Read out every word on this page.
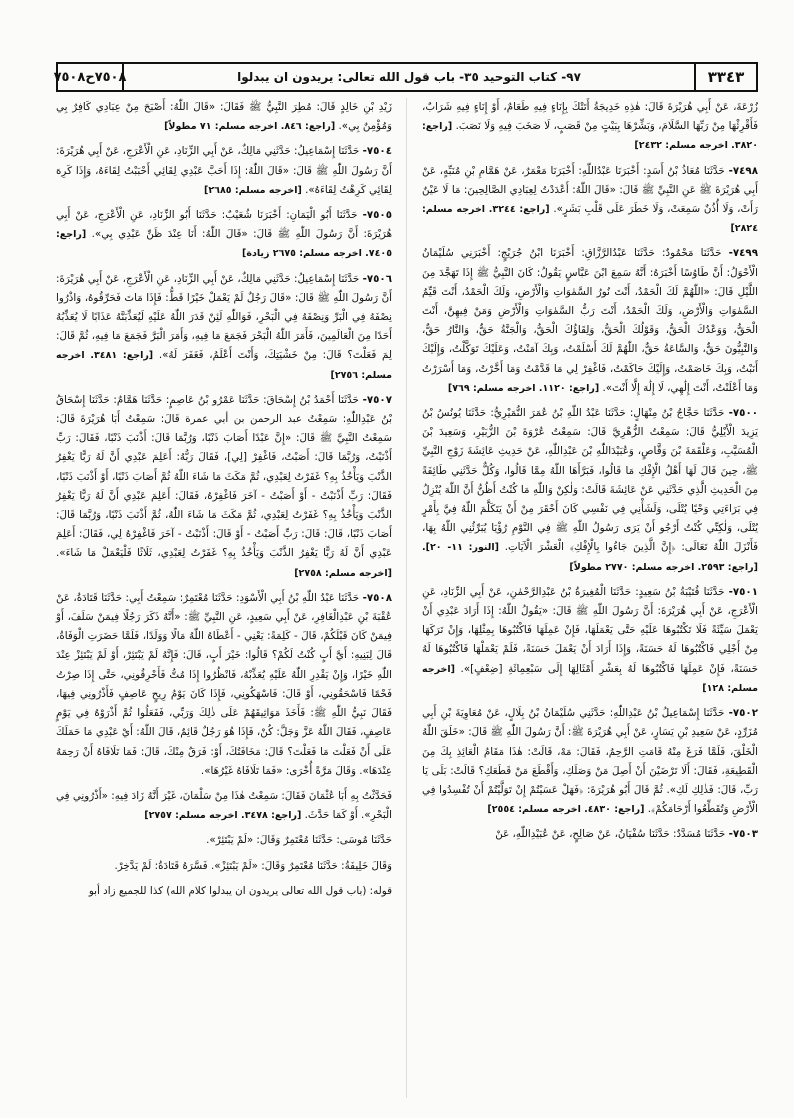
٣٣٤٣
٩٧- كتاب التوحيد ٣٥- باب قول الله تعالى: يريدون ان يبدلوا
٧٥٠٨ح٧٥٠٨

زُرْعَةَ، عَنْ أَبِي هُرَيْرَةَ قَالَ: هٰذِهِ خَدِيجَةُ أَتَتْكَ بِإِنَاءٍ فِيهِ طَعَامٌ، أَوْ إِنَاءٍ فِيهِ شَرَابٌ، فَأَقْرِئْهَا مِنْ رَبِّهَا السَّلَامَ، وَبَشِّرْهَا بِبَيْتٍ مِنْ قَصَبٍ، لَا صَخَبَ فِيهِ وَلَا نَصَبَ. [راجع: ٣٨٢٠. اخرجه مسلم: ٢٤٣٢]

٧٤٩٨- حَدَّثَنَا مُعَاذُ بْنُ أَسَدٍ: أَخْبَرَنَا عَبْدُاللّٰهِ: أَخْبَرَنَا مَعْمَرٌ، عَنْ هَمَّامِ بْنِ مُنَبِّهٍ، عَنْ أَبِي هُرَيْرَةَ ﷺ عَنِ النَّبِيِّ ﷺ قَالَ: «قَالَ اللّٰهُ: أَعْدَدْتُ لِعِبَادِي الصَّالِحِينَ: مَا لَا عَيْنٌ رَأَتْ، وَلَا أُذُنٌ سَمِعَتْ، وَلَا خَطَرَ عَلَى قَلْبِ بَشَرٍ». [راجع: ٣٢٤٤. اخرجه مسلم: ٢٨٢٤]

٧٤٩٩- حَدَّثَنَا مَحْمُودٌ: حَدَّثَنَا عَبْدُالرَّزَّاقِ: أَخْبَرَنَا ابْنُ جُرَيْجٍ: أَخْبَرَنِي سُلَيْمَانُ الْأَحْوَلُ: أَنَّ طَاوُسًا أَخْبَرَهُ: أَنَّهُ سَمِعَ ابْنَ عَبَّاسٍ يَقُولُ: كَانَ النَّبِيُّ ﷺ إِذَا تَهَجَّدَ مِنَ اللَّيْلِ قَالَ: «اللّٰهُمَّ لَكَ الْحَمْدُ، أَنْتَ نُورُ السَّمٰوَاتِ وَالْأَرْضِ، وَلَكَ الْحَمْدُ، أَنْتَ قَيِّمُ السَّمٰوَاتِ وَالْأَرْضِ، وَلَكَ الْحَمْدُ، أَنْتَ رَبُّ السَّمٰوَاتِ وَالْأَرْضِ وَمَنْ فِيهِنَّ، أَنْتَ الْحَقُّ، وَوَعْدُكَ الْحَقُّ، وَقَوْلُكَ الْحَقُّ، وَلِقَاؤُكَ الْحَقُّ، وَالْجَنَّةُ حَقٌّ، وَالنَّارُ حَقٌّ، وَالنَّبِيُّونَ حَقٌّ، وَالسَّاعَةُ حَقٌّ، اللّٰهُمَّ لَكَ أَسْلَمْتُ، وَبِكَ آمَنْتُ، وَعَلَيْكَ تَوَكَّلْتُ، وَإِلَيْكَ أَنَبْتُ، وَبِكَ خَاصَمْتُ، وَإِلَيْكَ حَاكَمْتُ، فَاغْفِرْ لِي مَا قَدَّمْتُ وَمَا أَخَّرْتُ، وَمَا أَسْرَرْتُ وَمَا أَعْلَنْتُ، أَنْتَ إِلَٰهِي، لَا إِلَٰهَ إِلَّا أَنْتَ». [راجع: ١١٢٠. اخرجه مسلم: ٧٦٩]

٧٥٠٠- حَدَّثَنَا حَجَّاجُ بْنُ مِنْهَالٍ: حَدَّثَنَا عَبْدُ اللّٰهِ بْنُ عُمَرَ النُّمَيْرِيُّ: حَدَّثَنَا يُونُسُ بْنُ يَزِيدَ الْأَيْلِيُّ قَالَ: سَمِعْتُ الزُّهْرِيَّ قَالَ: سَمِعْتُ عُرْوَةَ بْنَ الزُّبَيْرِ، وَسَعِيدَ بْنَ الْمُسَيَّبِ، وَعَلْقَمَةَ بْنَ وَقَّاصٍ، وَعُبَيْدَاللّٰهِ بْنَ عَبْدِاللّٰهِ، عَنْ حَدِيثِ عَائِشَةَ زَوْجِ النَّبِيِّ ﷺ، حِينَ قَالَ لَهَا أَهْلُ الْإِفْكِ مَا قَالُوا، فَبَرَّأَهَا اللّٰهُ مِمَّا قَالُوا، وَكُلٌّ حَدَّثَنِي طَائِفَةً مِنَ الْحَدِيثِ الَّذِي حَدَّثَنِي عَنْ عَائِشَةَ قَالَتْ: وَلٰكِنْ وَاللّٰهِ مَا كُنْتُ أَظُنُّ أَنَّ اللّٰهَ يُنْزِلُ فِي بَرَاءَتِي وَحْيًا يُتْلَى، وَلَشَأْنِي فِي نَفْسِي كَانَ أَحْقَرَ مِنْ أَنْ يَتَكَلَّمَ اللّٰهُ فِيَّ بِأَمْرٍ يُتْلَى، وَلٰكِنِّي كُنْتُ أَرْجُو أَنْ يَرَى رَسُولُ اللّٰهِ ﷺ فِي النَّوْمِ رُؤْيَا يُبَرِّئُنِي اللّٰهُ بِهَا، فَأَنْزَلَ اللّٰهُ تَعَالَى: ﴿إِنَّ الَّذِينَ جَاءُوا بِالْإِفْكِ﴾ الْعَشْرَ الْآيَاتِ. [النور: ١١- ٢٠]. [راجع: ٢٥٩٣. اخرجه مسلم: ٢٧٧٠ مطولاً]

٧٥٠١- حَدَّثَنَا قُتَيْبَةُ بْنُ سَعِيدٍ: حَدَّثَنَا الْمُغِيرَةُ بْنُ عَبْدِالرَّحْمٰنِ، عَنْ أَبِي الزِّنَادِ، عَنِ الْأَعْرَجِ، عَنْ أَبِي هُرَيْرَةَ: أَنَّ رَسُولَ اللّٰهِ ﷺ قَالَ: «يَقُولُ اللّٰهُ: إِذَا أَرَادَ عَبْدِي أَنْ يَعْمَلَ سَيِّئَةً فَلَا تَكْتُبُوهَا عَلَيْهِ حَتَّى يَعْمَلَهَا، فَإِنْ عَمِلَهَا فَاكْتُبُوهَا بِمِثْلِهَا، وَإِنْ تَرَكَهَا مِنْ أَجْلِي فَاكْتُبُوهَا لَهُ حَسَنَةً، وَإِذَا أَرَادَ أَنْ يَعْمَلَ حَسَنَةً، فَلَمْ يَعْمَلْهَا فَاكْتُبُوهَا لَهُ حَسَنَةً، فَإِنْ عَمِلَهَا فَاكْتُبُوهَا لَهُ بِعَشْرِ أَمْثَالِهَا إِلَى سَبْعِمِائَةِ [ضِعْفٍ]». [اخرجه مسلم: ١٢٨]

٧٥٠٢- حَدَّثَنَا إِسْمَاعِيلُ بْنُ عَبْدِاللّٰهِ: حَدَّثَنِي سُلَيْمَانُ بْنُ بِلَالٍ، عَنْ مُعَاوِيَةَ بْنِ أَبِي مُزَرِّدٍ، عَنْ سَعِيدِ بْنِ يَسَارٍ، عَنْ أَبِي هُرَيْرَةَ ﷺ: أَنَّ رَسُولَ اللّٰهِ ﷺ قَالَ: «خَلَقَ اللّٰهُ الْخَلْقَ، فَلَمَّا فَرَغَ مِنْهُ قَامَتِ الرَّحِمُ، فَقَالَ: مَهْ، قَالَتْ: هٰذَا مَقَامُ الْعَائِذِ بِكَ مِنَ الْقَطِيعَةِ، فَقَالَ: أَلَا تَرْضَيْنَ أَنْ أَصِلَ مَنْ وَصَلَكِ، وَأَقْطَعَ مَنْ قَطَعَكِ؟ قَالَتْ: بَلَى يَا رَبِّ، قَالَ: فَذٰلِكِ لَكِ». ثُمَّ قَالَ أَبُو هُرَيْرَةَ: ﴿فَهَلْ عَسَيْتُمْ إِنْ تَوَلَّيْتُمْ أَنْ تُفْسِدُوا فِي الْأَرْضِ وَتُقَطِّعُوا أَرْحَامَكُمْ﴾. [راجع: ٤٨٣٠. اخرجه مسلم: ٢٥٥٤]

٧٥٠٣- حَدَّثَنَا مُسَدَّدٌ: حَدَّثَنَا سُفْيَانُ، عَنْ صَالِحٍ، عَنْ عُبَيْدِاللّٰهِ، عَنْ

زَيْدِ بْنِ خَالِدٍ قَالَ: مُطِرَ النَّبِيُّ ﷺ فَقَالَ: «قَالَ اللّٰهُ: أَصْبَحَ مِنْ عِبَادِي كَافِرٌ بِي وَمُؤْمِنٌ بِي». [راجع: ٨٤٦. اخرجه مسلم: ٧١ مطولاً]

٧٥٠٤- حَدَّثَنَا إِسْمَاعِيلُ: حَدَّثَنِي مَالِكٌ، عَنْ أَبِي الزِّنَادِ، عَنِ الْأَعْرَجِ، عَنْ أَبِي هُرَيْرَةَ: أَنَّ رَسُولَ اللّٰهِ ﷺ قَالَ: «قَالَ اللّٰهُ: إِذَا أَحَبَّ عَبْدِي لِقَائِي أَحْبَبْتُ لِقَاءَهُ، وَإِذَا كَرِهَ لِقَائِي كَرِهْتُ لِقَاءَهُ». [اخرجه مسلم: ٢٦٨٥]

٧٥٠٥- حَدَّثَنَا أَبُو الْيَمَانِ: أَخْبَرَنَا شُعَيْبٌ: حَدَّثَنَا أَبُو الزِّنَادِ، عَنِ الْأَعْرَجِ، عَنْ أَبِي هُرَيْرَةَ: أَنَّ رَسُولَ اللّٰهِ ﷺ قَالَ: «قَالَ اللّٰهُ: أَنَا عِنْدَ ظَنِّ عَبْدِي بِي». [راجع: ٧٤٠٥. اخرجه مسلم: ٢٦٧٥ زيادة]

٧٥٠٦- حَدَّثَنَا إِسْمَاعِيلُ: حَدَّثَنِي مَالِكٌ، عَنْ أَبِي الزِّنَادِ، عَنِ الْأَعْرَجِ، عَنْ أَبِي هُرَيْرَةَ: أَنَّ رَسُولَ اللّٰهِ ﷺ قَالَ: «قَالَ رَجُلٌ لَمْ يَعْمَلْ خَيْرًا قَطُّ: فَإِذَا مَاتَ فَحَرِّقُوهُ، وَاذْرُوا نِصْفَهُ فِي الْبَرِّ وَنِصْفَهُ فِي الْبَحْرِ، فَوَاللّٰهِ لَئِنْ قَدَرَ اللّٰهُ عَلَيْهِ لَيُعَذِّبَنَّهُ عَذَابًا لَا يُعَذِّبُهُ أَحَدًا مِنَ الْعَالَمِينَ، فَأَمَرَ اللّٰهُ الْبَحْرَ فَجَمَعَ مَا فِيهِ، وَأَمَرَ الْبَرَّ فَجَمَعَ مَا فِيهِ، ثُمَّ قَالَ: لِمَ فَعَلْتَ؟ قَالَ: مِنْ خَشْيَتِكَ، وَأَنْتَ أَعْلَمُ، فَغَفَرَ لَهُ». [راجع: ٣٤٨١. اخرجه مسلم: ٢٧٥٦]

٧٥٠٧- حَدَّثَنَا أَحْمَدُ بْنُ إِسْحَاقَ: حَدَّثَنَا عَمْرُو بْنُ عَاصِمٍ: حَدَّثَنَا هَمَّامٌ: حَدَّثَنَا إِسْحَاقُ بْنُ عَبْدِاللّٰهِ: سَمِعْتُ عبد الرحمن بن أبي عمرة قَالَ: سَمِعْتُ أَبَا هُرَيْرَةَ قَالَ: سَمِعْتُ النَّبِيَّ ﷺ قَالَ: «إِنَّ عَبْدًا أَصَابَ ذَنْبًا، وَرُبَّمَا قَالَ: أَذْنَبَ ذَنْبًا، فَقَالَ: رَبِّ أَذْنَبْتُ، وَرُبَّمَا قَالَ: أَصَبْتُ، فَاغْفِرْ [لِي]، فَقَالَ رَبُّهُ: أَعَلِمَ عَبْدِي أَنَّ لَهُ رَبًّا يَغْفِرُ الذَّنْبَ وَيَأْخُذُ بِهِ؟ غَفَرْتُ لِعَبْدِي، ثُمَّ مَكَثَ مَا شَاءَ اللّٰهُ ثُمَّ أَصَابَ ذَنْبًا، أَوْ أَذْنَبَ ذَنْبًا، فَقَالَ: رَبِّ أَذْنَبْتُ - أَوْ أَصَبْتُ - آخَرَ فَاغْفِرْهُ، فَقَالَ: أَعَلِمَ عَبْدِي أَنَّ لَهُ رَبًّا يَغْفِرُ الذَّنْبَ وَيَأْخُذُ بِهِ؟ غَفَرْتُ لِعَبْدِي، ثُمَّ مَكَثَ مَا شَاءَ اللّٰهُ، ثُمَّ أَذْنَبَ ذَنْبًا، وَرُبَّمَا قَالَ: أَصَابَ ذَنْبًا، قَالَ: قَالَ: رَبِّ أَصَبْتُ - أَوْ قَالَ: أَذْنَبْتُ - آخَرَ فَاغْفِرْهُ لِي، فَقَالَ: أَعَلِمَ عَبْدِي أَنَّ لَهُ رَبًّا يَغْفِرُ الذَّنْبَ وَيَأْخُذُ بِهِ؟ غَفَرْتُ لِعَبْدِي، ثَلَاثًا فَلْيَعْمَلْ مَا شَاءَ». [اخرجه مسلم: ٢٧٥٨]

٧٥٠٨- حَدَّثَنَا عَبْدُ اللّٰهِ بْنُ أَبِي الْأَسْوَدِ: حَدَّثَنَا مُعْتَمِرٌ: سَمِعْتُ أَبِي: حَدَّثَنَا قَتَادَةُ، عَنْ عُقْبَةَ بْنِ عَبْدِالْغَافِرِ، عَنْ أَبِي سَعِيدٍ، عَنِ النَّبِيِّ ﷺ: «أَنَّهُ ذَكَرَ رَجُلًا فِيمَنْ سَلَفَ، أَوْ فِيمَنْ كَانَ قَبْلَكُمْ، قَالَ - كَلِمَةً: يَعْنِي - أَعْطَاهُ اللّٰهُ مَالًا وَوَلَدًا، فَلَمَّا حَضَرَتِ الْوَفَاةُ، قَالَ لِبَنِيهِ: أَيَّ أَبٍ كُنْتُ لَكُمْ؟ قَالُوا: خَيْرَ أَبٍ، قَالَ: فَإِنَّهُ لَمْ يَبْتَئِرْ، أَوْ لَمْ يَبْتَئِزْ عِنْدَ اللّٰهِ خَيْرًا، وَإِنْ يَقْدِرِ اللّٰهُ عَلَيْهِ يُعَذِّبْهُ، فَانْظُرُوا إِذَا مُتُّ فَأَحْرِقُونِي، حَتَّى إِذَا صِرْتُ فَحْمًا فَاسْحَقُونِي، أَوْ قَالَ: فَاسْهَكُونِي، فَإِذَا كَانَ يَوْمُ رِيحٍ عَاصِفٍ فَأَذْرُونِي فِيهَا، فَقَالَ نَبِيُّ اللّٰهِ ﷺ: فَأَخَذَ مَوَاثِيقَهُمْ عَلَى ذٰلِكَ وَرَبِّي، فَفَعَلُوا ثُمَّ أَذْرَوْهُ فِي يَوْمٍ عَاصِفٍ، فَقَالَ اللّٰهُ عَزَّ وَجَلَّ: كُنْ، فَإِذَا هُوَ رَجُلٌ قَائِمٌ، قَالَ اللّٰهُ: أَيْ عَبْدِي مَا حَمَلَكَ عَلَى أَنْ فَعَلْتَ مَا فَعَلْتَ؟ قَالَ: مَخَافَتُكَ، أَوْ: فَرَقٌ مِنْكَ، قَالَ: فَمَا تَلَافَاهُ أَنْ رَحِمَهُ عِنْدَهَا». وَقَالَ مَرَّةً أُخْرَى: «فَمَا تَلَافَاهُ غَيْرُهَا».

فَحَدَّثْتُ بِهِ أَبَا عُثْمَانَ فَقَالَ: سَمِعْتُ هٰذَا مِنْ سَلْمَانَ، غَيْرَ أَنَّهُ زَادَ فِيهِ: «أَذْرُونِي فِي الْبَحْرِ». أَوْ كَمَا حَدَّثَ. [راجع: ٣٤٧٨. اخرجه مسلم: ٢٧٥٧]

حَدَّثَنَا مُوسَى: حَدَّثَنَا مُعْتَمِرٌ وَقَالَ: «لَمْ يَبْتَئِرْ».

وَقَالَ خَلِيفَةُ: حَدَّثَنَا مُعْتَمِرٌ وَقَالَ: «لَمْ يَبْتَئِزْ». فَسَّرَهُ قَتَادَةُ: لَمْ يَدَّخِرْ.

قوله: (باب قول الله تعالى يريدون ان يبدلوا كلام الله) كذا للجميع زاد أبو
